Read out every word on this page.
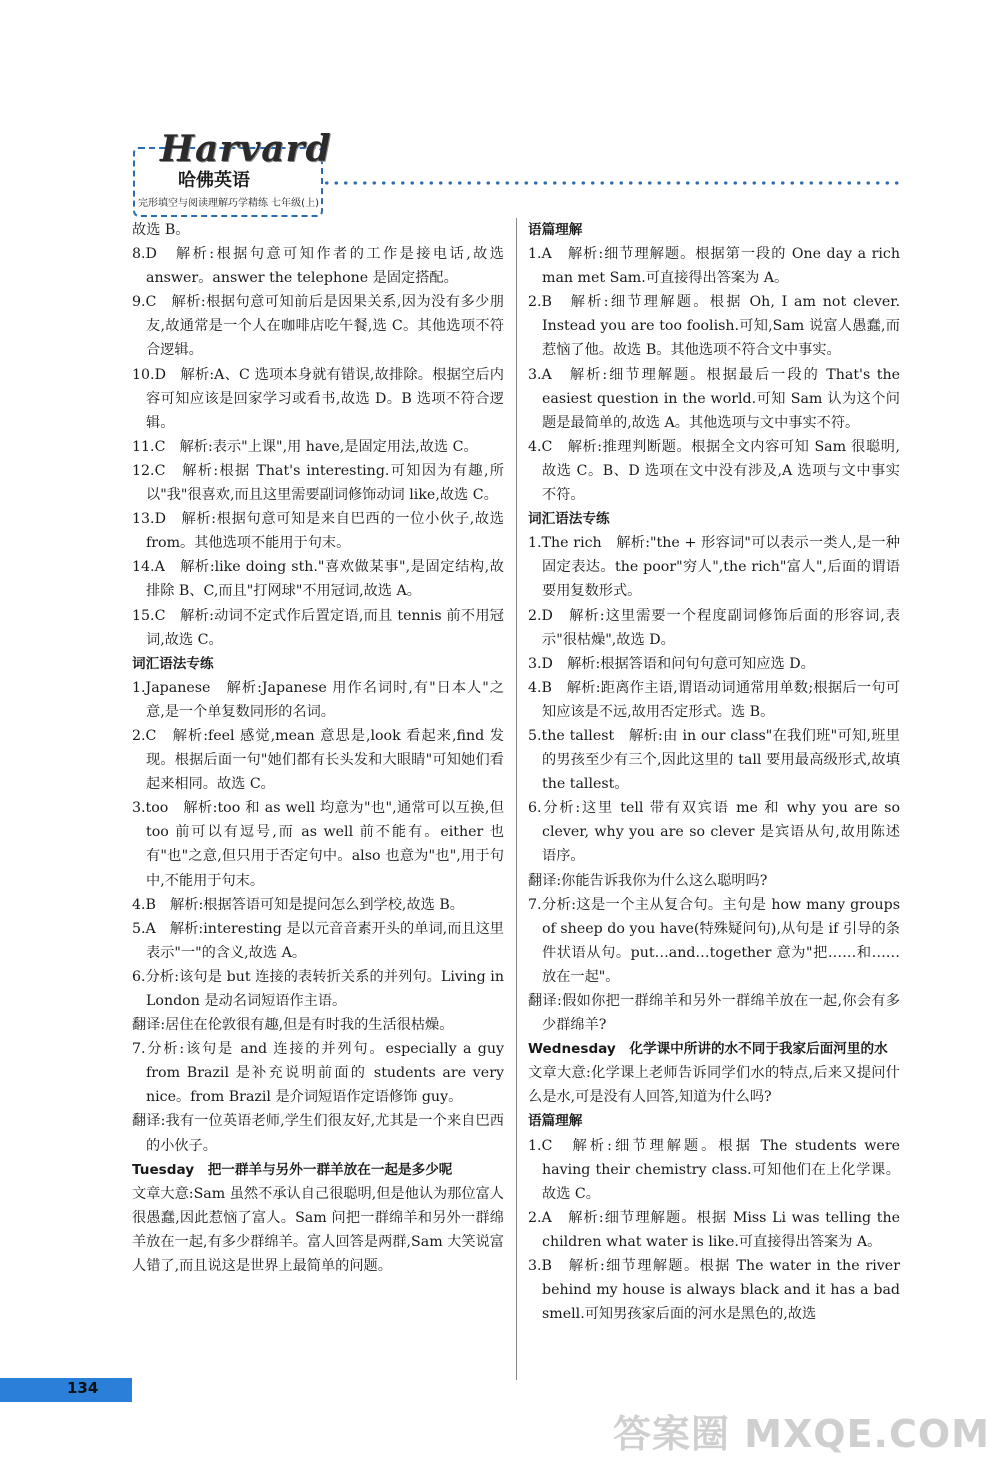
Harvard
哈佛英语
完形填空与阅读理解巧学精练 七年级(上)

故选 B。

8.D　解析:根据句意可知作者的工作是接电话,故选 answer。answer the telephone 是固定搭配。

9.C　解析:根据句意可知前后是因果关系,因为没有多少朋友,故通常是一个人在咖啡店吃午餐,选 C。其他选项不符合逻辑。

10.D　解析:A、C 选项本身就有错误,故排除。根据空后内容可知应该是回家学习或看书,故选 D。B 选项不符合逻辑。

11.C　解析:表示"上课",用 have,是固定用法,故选 C。

12.C　解析:根据 That's interesting.可知因为有趣,所以"我"很喜欢,而且这里需要副词修饰动词 like,故选 C。

13.D　解析:根据句意可知是来自巴西的一位小伙子,故选 from。其他选项不能用于句末。

14.A　解析:like doing sth."喜欢做某事",是固定结构,故排除 B、C,而且"打网球"不用冠词,故选 A。

15.C　解析:动词不定式作后置定语,而且 tennis 前不用冠词,故选 C。

词汇语法专练

1.Japanese　解析:Japanese 用作名词时,有"日本人"之意,是一个单复数同形的名词。

2.C　解析:feel 感觉,mean 意思是,look 看起来,find 发现。根据后面一句"她们都有长头发和大眼睛"可知她们看起来相同。故选 C。

3.too　解析:too 和 as well 均意为"也",通常可以互换,但 too 前可以有逗号,而 as well 前不能有。either 也有"也"之意,但只用于否定句中。also 也意为"也",用于句中,不能用于句末。

4.B　解析:根据答语可知是提问怎么到学校,故选 B。

5.A　解析:interesting 是以元音音素开头的单词,而且这里表示"一"的含义,故选 A。

6.分析:该句是 but 连接的表转折关系的并列句。Living in London 是动名词短语作主语。

翻译:居住在伦敦很有趣,但是有时我的生活很枯燥。

7.分析:该句是 and 连接的并列句。especially a guy from Brazil 是补充说明前面的 students are very nice。from Brazil 是介词短语作定语修饰 guy。

翻译:我有一位英语老师,学生们很友好,尤其是一个来自巴西的小伙子。

Tuesday　把一群羊与另外一群羊放在一起是多少呢

文章大意:Sam 虽然不承认自己很聪明,但是他认为那位富人很愚蠢,因此惹恼了富人。Sam 问把一群绵羊和另外一群绵羊放在一起,有多少群绵羊。富人回答是两群,Sam 大笑说富人错了,而且说这是世界上最简单的问题。

语篇理解

1.A　解析:细节理解题。根据第一段的 One day a rich man met Sam.可直接得出答案为 A。

2.B　解析:细节理解题。根据 Oh, I am not clever. Instead you are too foolish.可知,Sam 说富人愚蠢,而惹恼了他。故选 B。其他选项不符合文中事实。

3.A　解析:细节理解题。根据最后一段的 That's the easiest question in the world.可知 Sam 认为这个问题是最简单的,故选 A。其他选项与文中事实不符。

4.C　解析:推理判断题。根据全文内容可知 Sam 很聪明,故选 C。B、D 选项在文中没有涉及,A 选项与文中事实不符。

词汇语法专练

1.The rich　解析:"the + 形容词"可以表示一类人,是一种固定表达。the poor"穷人",the rich"富人",后面的谓语要用复数形式。

2.D　解析:这里需要一个程度副词修饰后面的形容词,表示"很枯燥",故选 D。

3.D　解析:根据答语和问句句意可知应选 D。

4.B　解析:距离作主语,谓语动词通常用单数;根据后一句可知应该是不远,故用否定形式。选 B。

5.the tallest　解析:由 in our class"在我们班"可知,班里的男孩至少有三个,因此这里的 tall 要用最高级形式,故填 the tallest。

6.分析:这里 tell 带有双宾语 me 和 why you are so clever, why you are so clever 是宾语从句,故用陈述语序。

翻译:你能告诉我你为什么这么聪明吗?

7.分析:这是一个主从复合句。主句是 how many groups of sheep do you have(特殊疑问句),从句是 if 引导的条件状语从句。put…and…together 意为"把……和……放在一起"。

翻译:假如你把一群绵羊和另外一群绵羊放在一起,你会有多少群绵羊?

Wednesday　化学课中所讲的水不同于我家后面河里的水

文章大意:化学课上老师告诉同学们水的特点,后来又提问什么是水,可是没有人回答,知道为什么吗?

语篇理解

1.C　解析:细节理解题。根据 The students were having their chemistry class.可知他们在上化学课。故选 C。

2.A　解析:细节理解题。根据 Miss Li was telling the children what water is like.可直接得出答案为 A。

3.B　解析:细节理解题。根据 The water in the river behind my house is always black and it has a bad smell.可知男孩家后面的河水是黑色的,故选

134
答案圈 MXQE.COM
